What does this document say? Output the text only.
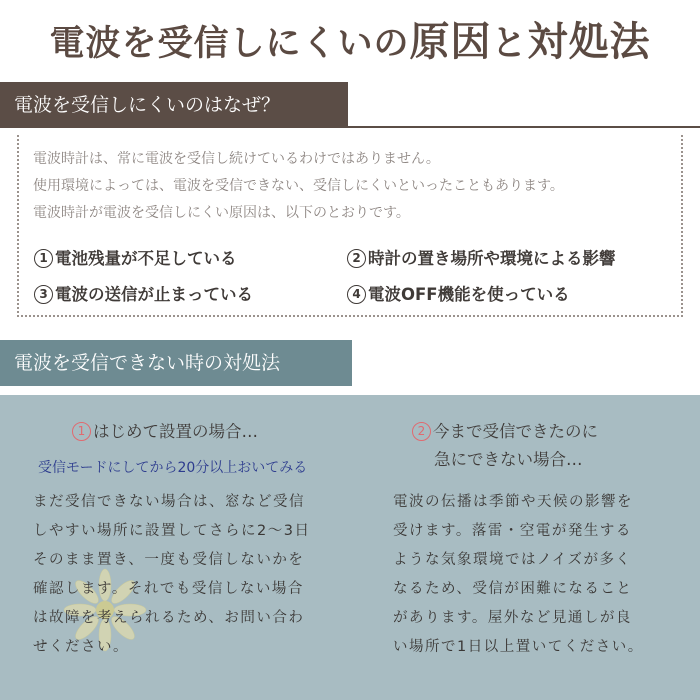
電波を受信しにくいの原因と対処法
電波を受信しにくいのはなぜ？
電波時計は、常に電波を受信し続けているわけではありません。
使用環境によっては、電波を受信できない、受信しにくいといったこともあります。
電波時計が電波を受信しにくい原因は、以下のとおりです。
1 電池残量が不足している	2 時計の置き場所や環境による影響
3 電波の送信が止まっている	4 電波OFF機能を使っている
電波を受信できない時の対処法
1 はじめて設置の場合…
受信モードにしてから20分以上おいてみる
まだ受信できない場合は、窓など受信
しやすい場所に設置してさらに2～3日
そのまま置き、一度も受信しないかを
確認します。それでも受信しない場合
は故障を考えられるため、お問い合わ
せください。
2 今まで受信できたのに
急にできない場合…
電波の伝播は季節や天候の影響を
受けます。落雷・空電が発生する
ような気象環境ではノイズが多く
なるため、受信が困難になること
があります。屋外など見通しが良
い場所で1日以上置いてください。
